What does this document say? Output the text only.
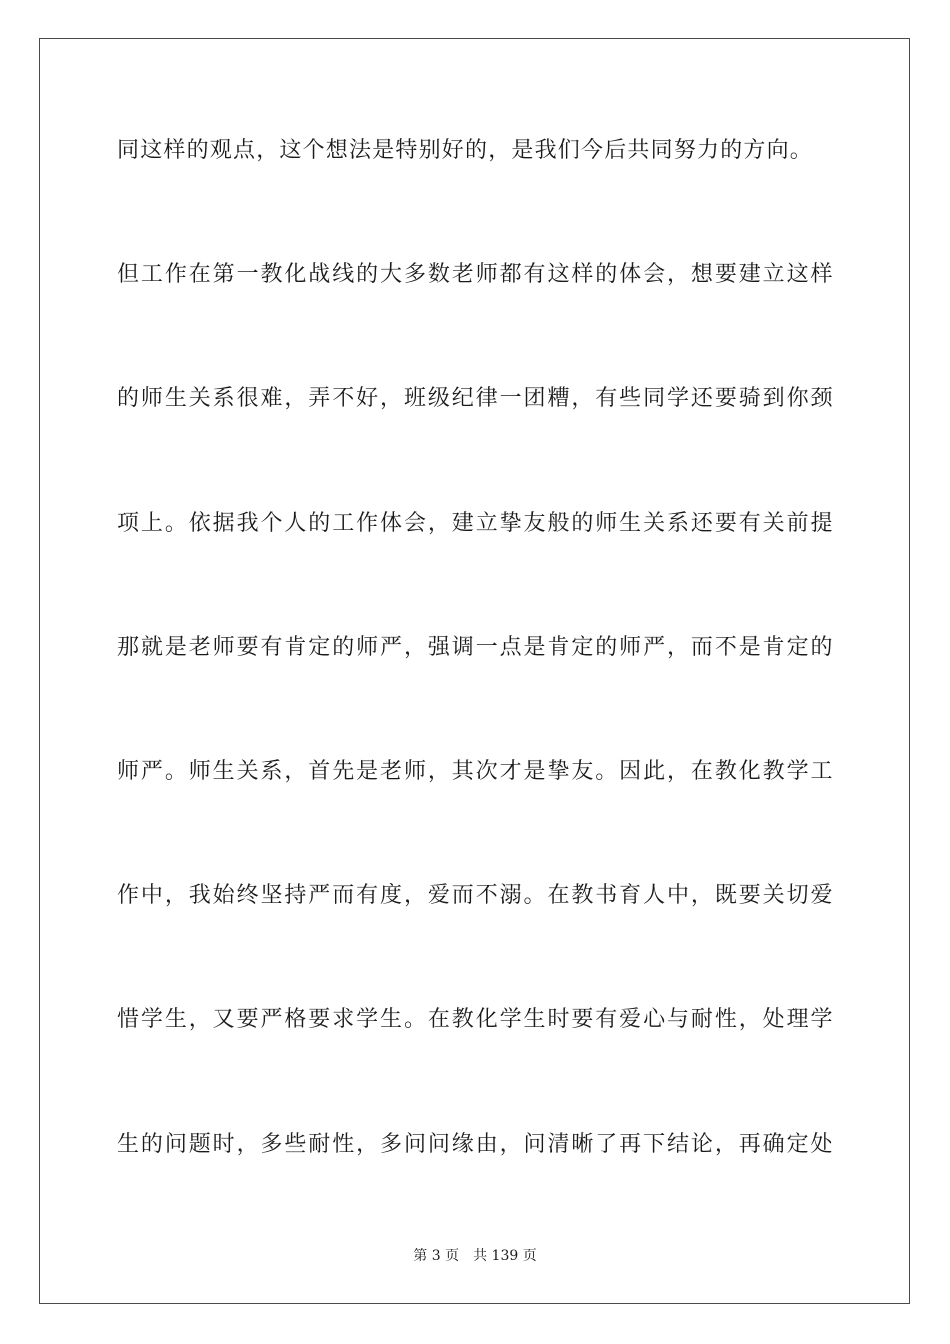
同这样的观点，这个想法是特别好的，是我们今后共同努力的方向。
但工作在第一教化战线的大多数老师都有这样的体会，想要建立这样
的师生关系很难，弄不好，班级纪律一团糟，有些同学还要骑到你颈
项上。依据我个人的工作体会，建立挚友般的师生关系还要有关前提
那就是老师要有肯定的师严，强调一点是肯定的师严，而不是肯定的
师严。师生关系，首先是老师，其次才是挚友。因此，在教化教学工
作中，我始终坚持严而有度，爱而不溺。在教书育人中，既要关切爱
惜学生，又要严格要求学生。在教化学生时要有爱心与耐性，处理学
生的问题时，多些耐性，多问问缘由，问清晰了再下结论，再确定处
第 3 页 共 139 页
